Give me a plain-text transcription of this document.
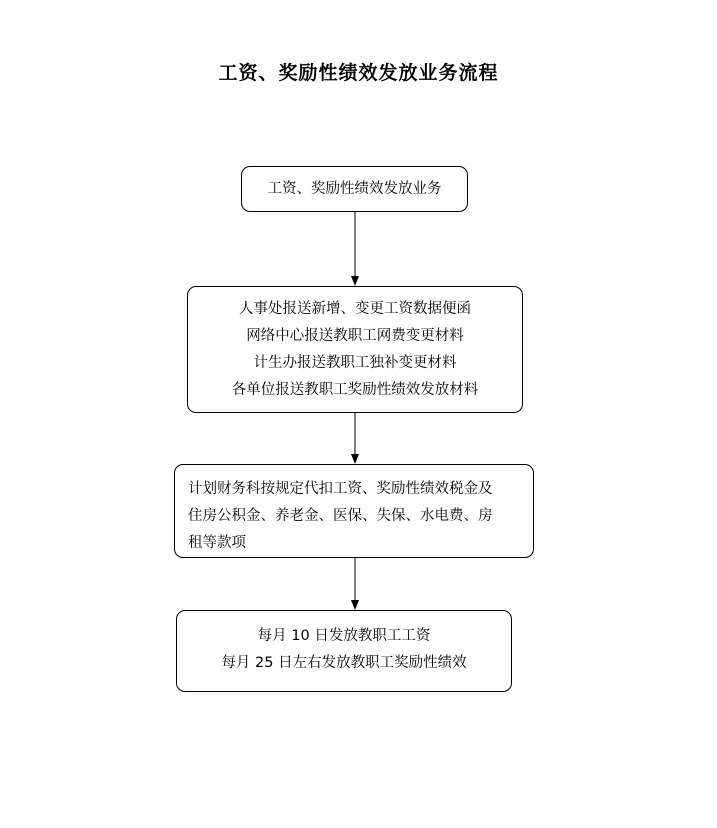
工资、奖励性绩效发放业务流程
工资、奖励性绩效发放业务
人事处报送新增、变更工资数据便函
网络中心报送教职工网费变更材料
计生办报送教职工独补变更材料
各单位报送教职工奖励性绩效发放材料
计划财务科按规定代扣工资、奖励性绩效税金及
住房公积金、养老金、医保、失保、水电费、房
租等款项
每月 10 日发放教职工工资
每月 25 日左右发放教职工奖励性绩效
